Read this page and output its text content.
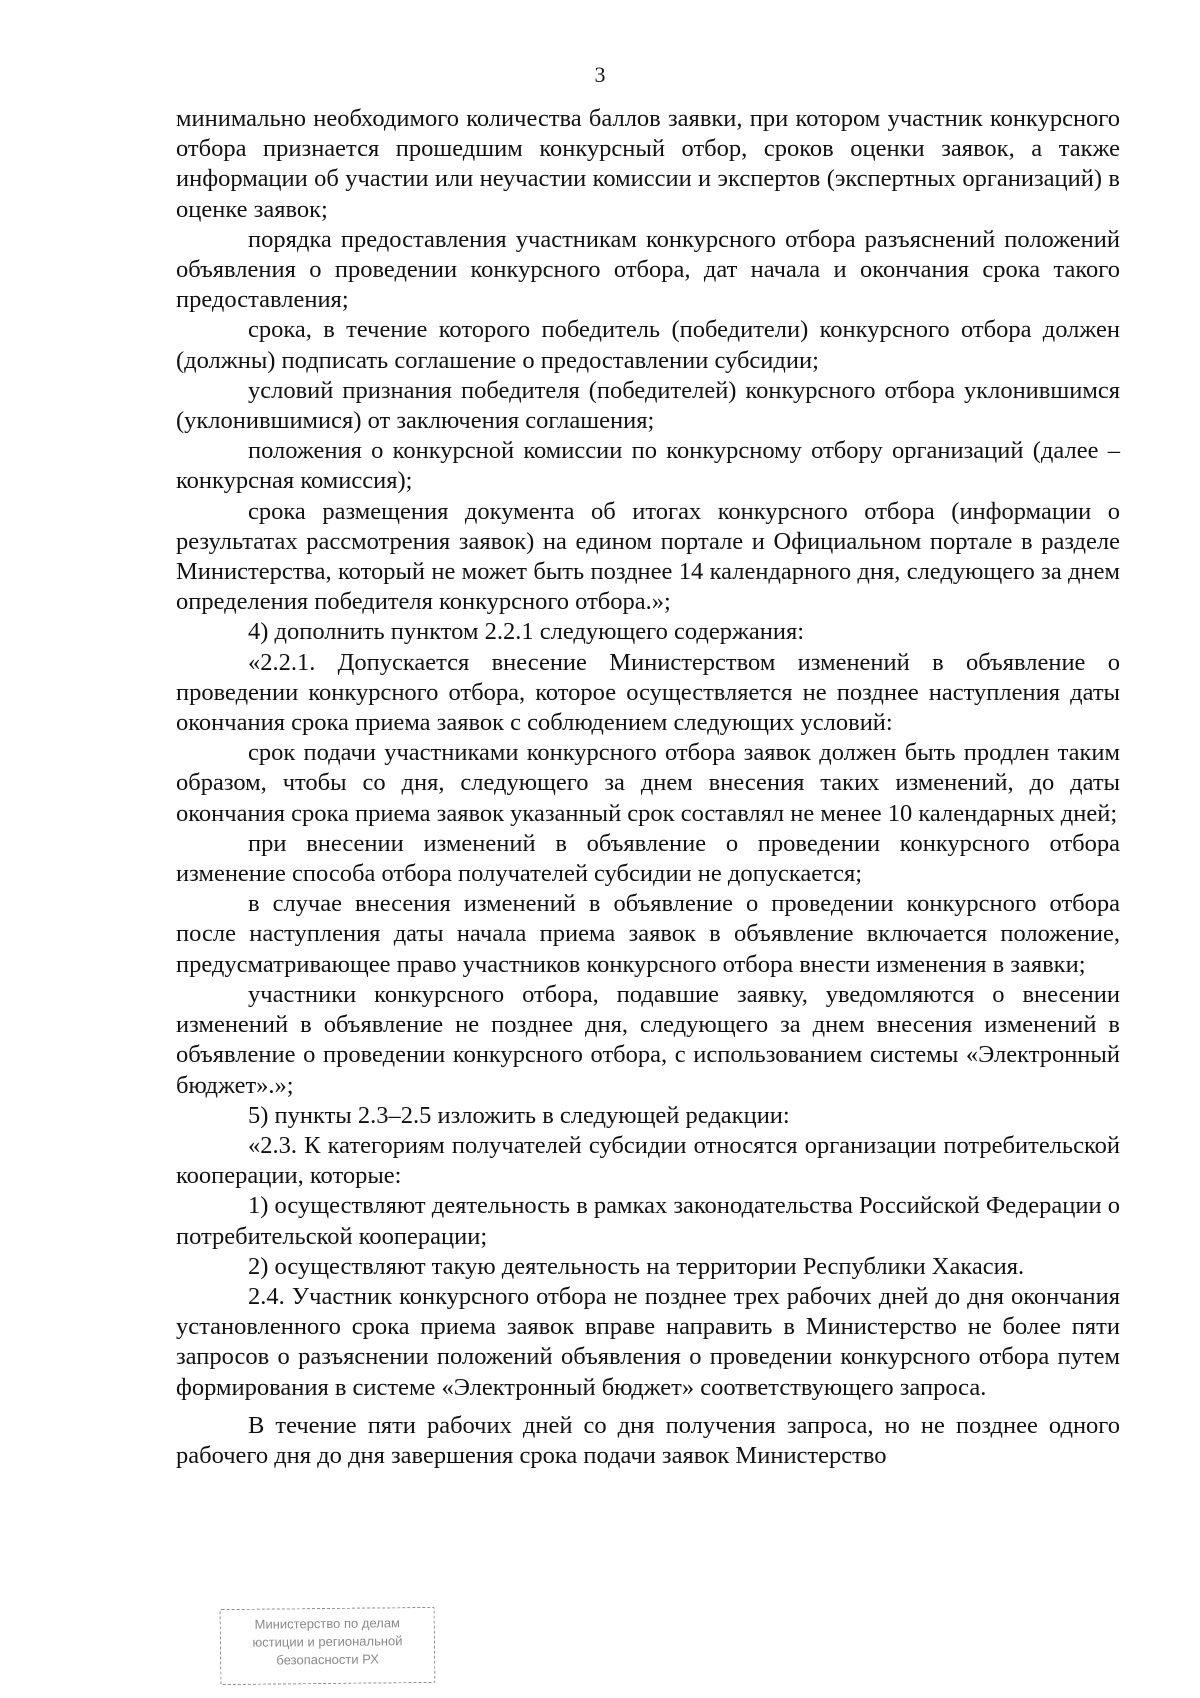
3

минимально необходимого количества баллов заявки, при котором участник конкурсного отбора признается прошедшим конкурсный отбор, сроков оценки заявок, а также информации об участии или неучастии комиссии и экспертов (экспертных организаций) в оценке заявок;

порядка предоставления участникам конкурсного отбора разъяснений положений объявления о проведении конкурсного отбора, дат начала и окончания срока такого предоставления;

срока, в течение которого победитель (победители) конкурсного отбора должен (должны) подписать соглашение о предоставлении субсидии;

условий признания победителя (победителей) конкурсного отбора уклонившимся (уклонившимися) от заключения соглашения;

положения о конкурсной комиссии по конкурсному отбору организаций (далее – конкурсная комиссия);

срока размещения документа об итогах конкурсного отбора (информации о результатах рассмотрения заявок) на едином портале и Официальном портале в разделе Министерства, который не может быть позднее 14 календарного дня, следующего за днем определения победителя конкурсного отбора.»;

4) дополнить пунктом 2.2.1 следующего содержания:

«2.2.1. Допускается внесение Министерством изменений в объявление о проведении конкурсного отбора, которое осуществляется не позднее наступления даты окончания срока приема заявок с соблюдением следующих условий:

срок подачи участниками конкурсного отбора заявок должен быть продлен таким образом, чтобы со дня, следующего за днем внесения таких изменений, до даты окончания срока приема заявок указанный срок составлял не менее 10 календарных дней;

при внесении изменений в объявление о проведении конкурсного отбора изменение способа отбора получателей субсидии не допускается;

в случае внесения изменений в объявление о проведении конкурсного отбора после наступления даты начала приема заявок в объявление включается положение, предусматривающее право участников конкурсного отбора внести изменения в заявки;

участники конкурсного отбора, подавшие заявку, уведомляются о внесении изменений в объявление не позднее дня, следующего за днем внесения изменений в объявление о проведении конкурсного отбора, с использованием системы «Электронный бюджет».»;

5) пункты 2.3–2.5 изложить в следующей редакции:

«2.3. К категориям получателей субсидии относятся организации потребительской кооперации, которые:

1) осуществляют деятельность в рамках законодательства Российской Федерации о потребительской кооперации;

2) осуществляют такую деятельность на территории Республики Хакасия.

2.4. Участник конкурсного отбора не позднее трех рабочих дней до дня окончания установленного срока приема заявок вправе направить в Министерство не более пяти запросов о разъяснении положений объявления о проведении конкурсного отбора путем формирования в системе «Электронный бюджет» соответствующего запроса.

В течение пяти рабочих дней со дня получения запроса, но не позднее одного рабочего дня до дня завершения срока подачи заявок Министерство

Министерство по делам
юстиции и региональной
безопасности РХ
